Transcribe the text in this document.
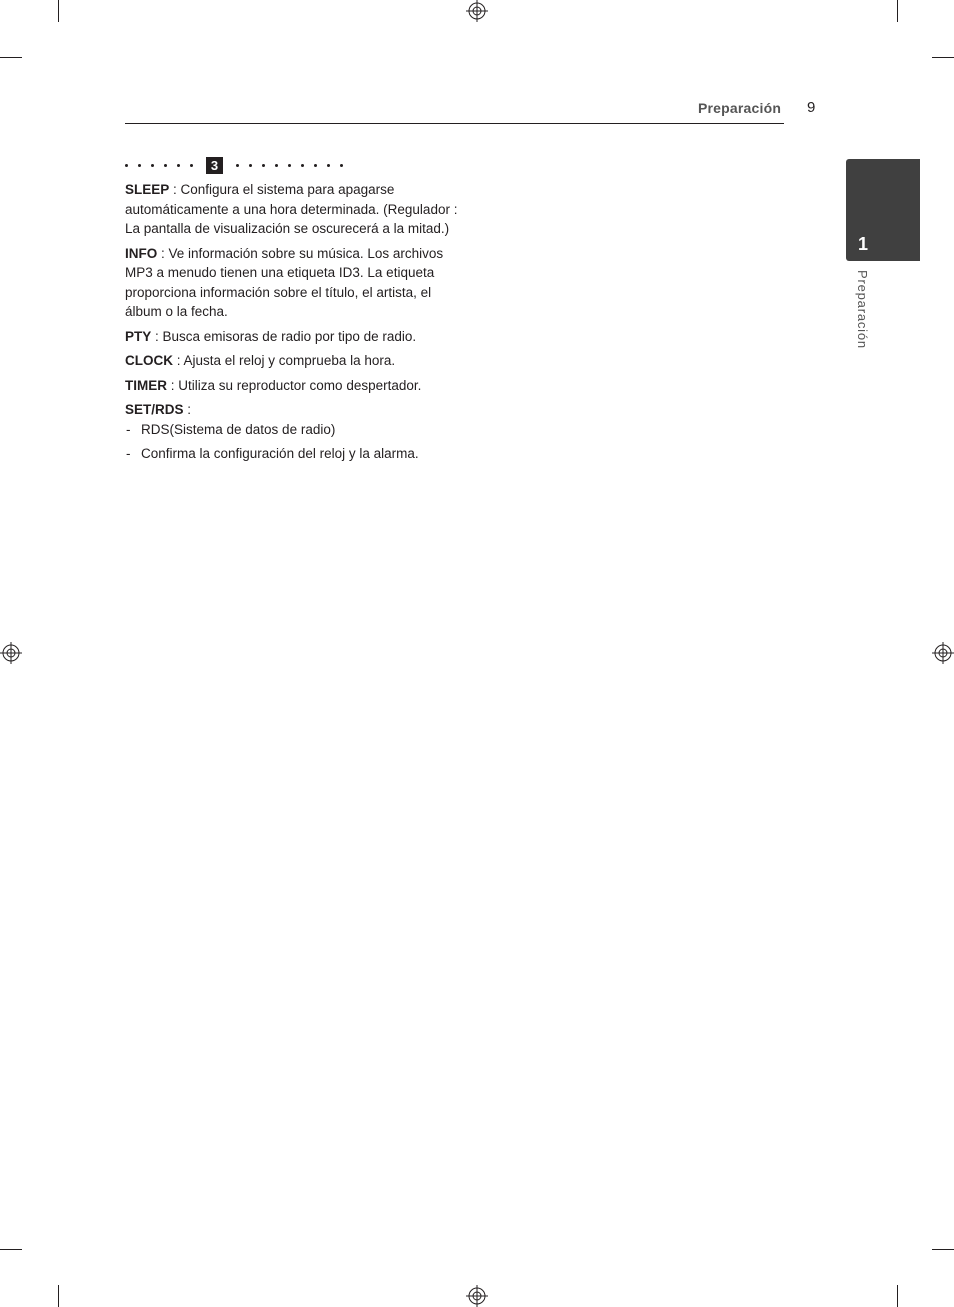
Preparación 9
1
Preparación
3

SLEEP : Configura el sistema para apagarse automáticamente a una hora determinada. (Regulador : La pantalla de visualización se oscurecerá a la mitad.)

INFO : Ve información sobre su música. Los archivos MP3 a menudo tienen una etiqueta ID3. La etiqueta proporciona información sobre el título, el artista, el álbum o la fecha.

PTY : Busca emisoras de radio por tipo de radio.

CLOCK : Ajusta el reloj y comprueba la hora.

TIMER : Utiliza su reproductor como despertador.

SET/RDS :

- RDS(Sistema de datos de radio)
- Confirma la configuración del reloj y la alarma.
